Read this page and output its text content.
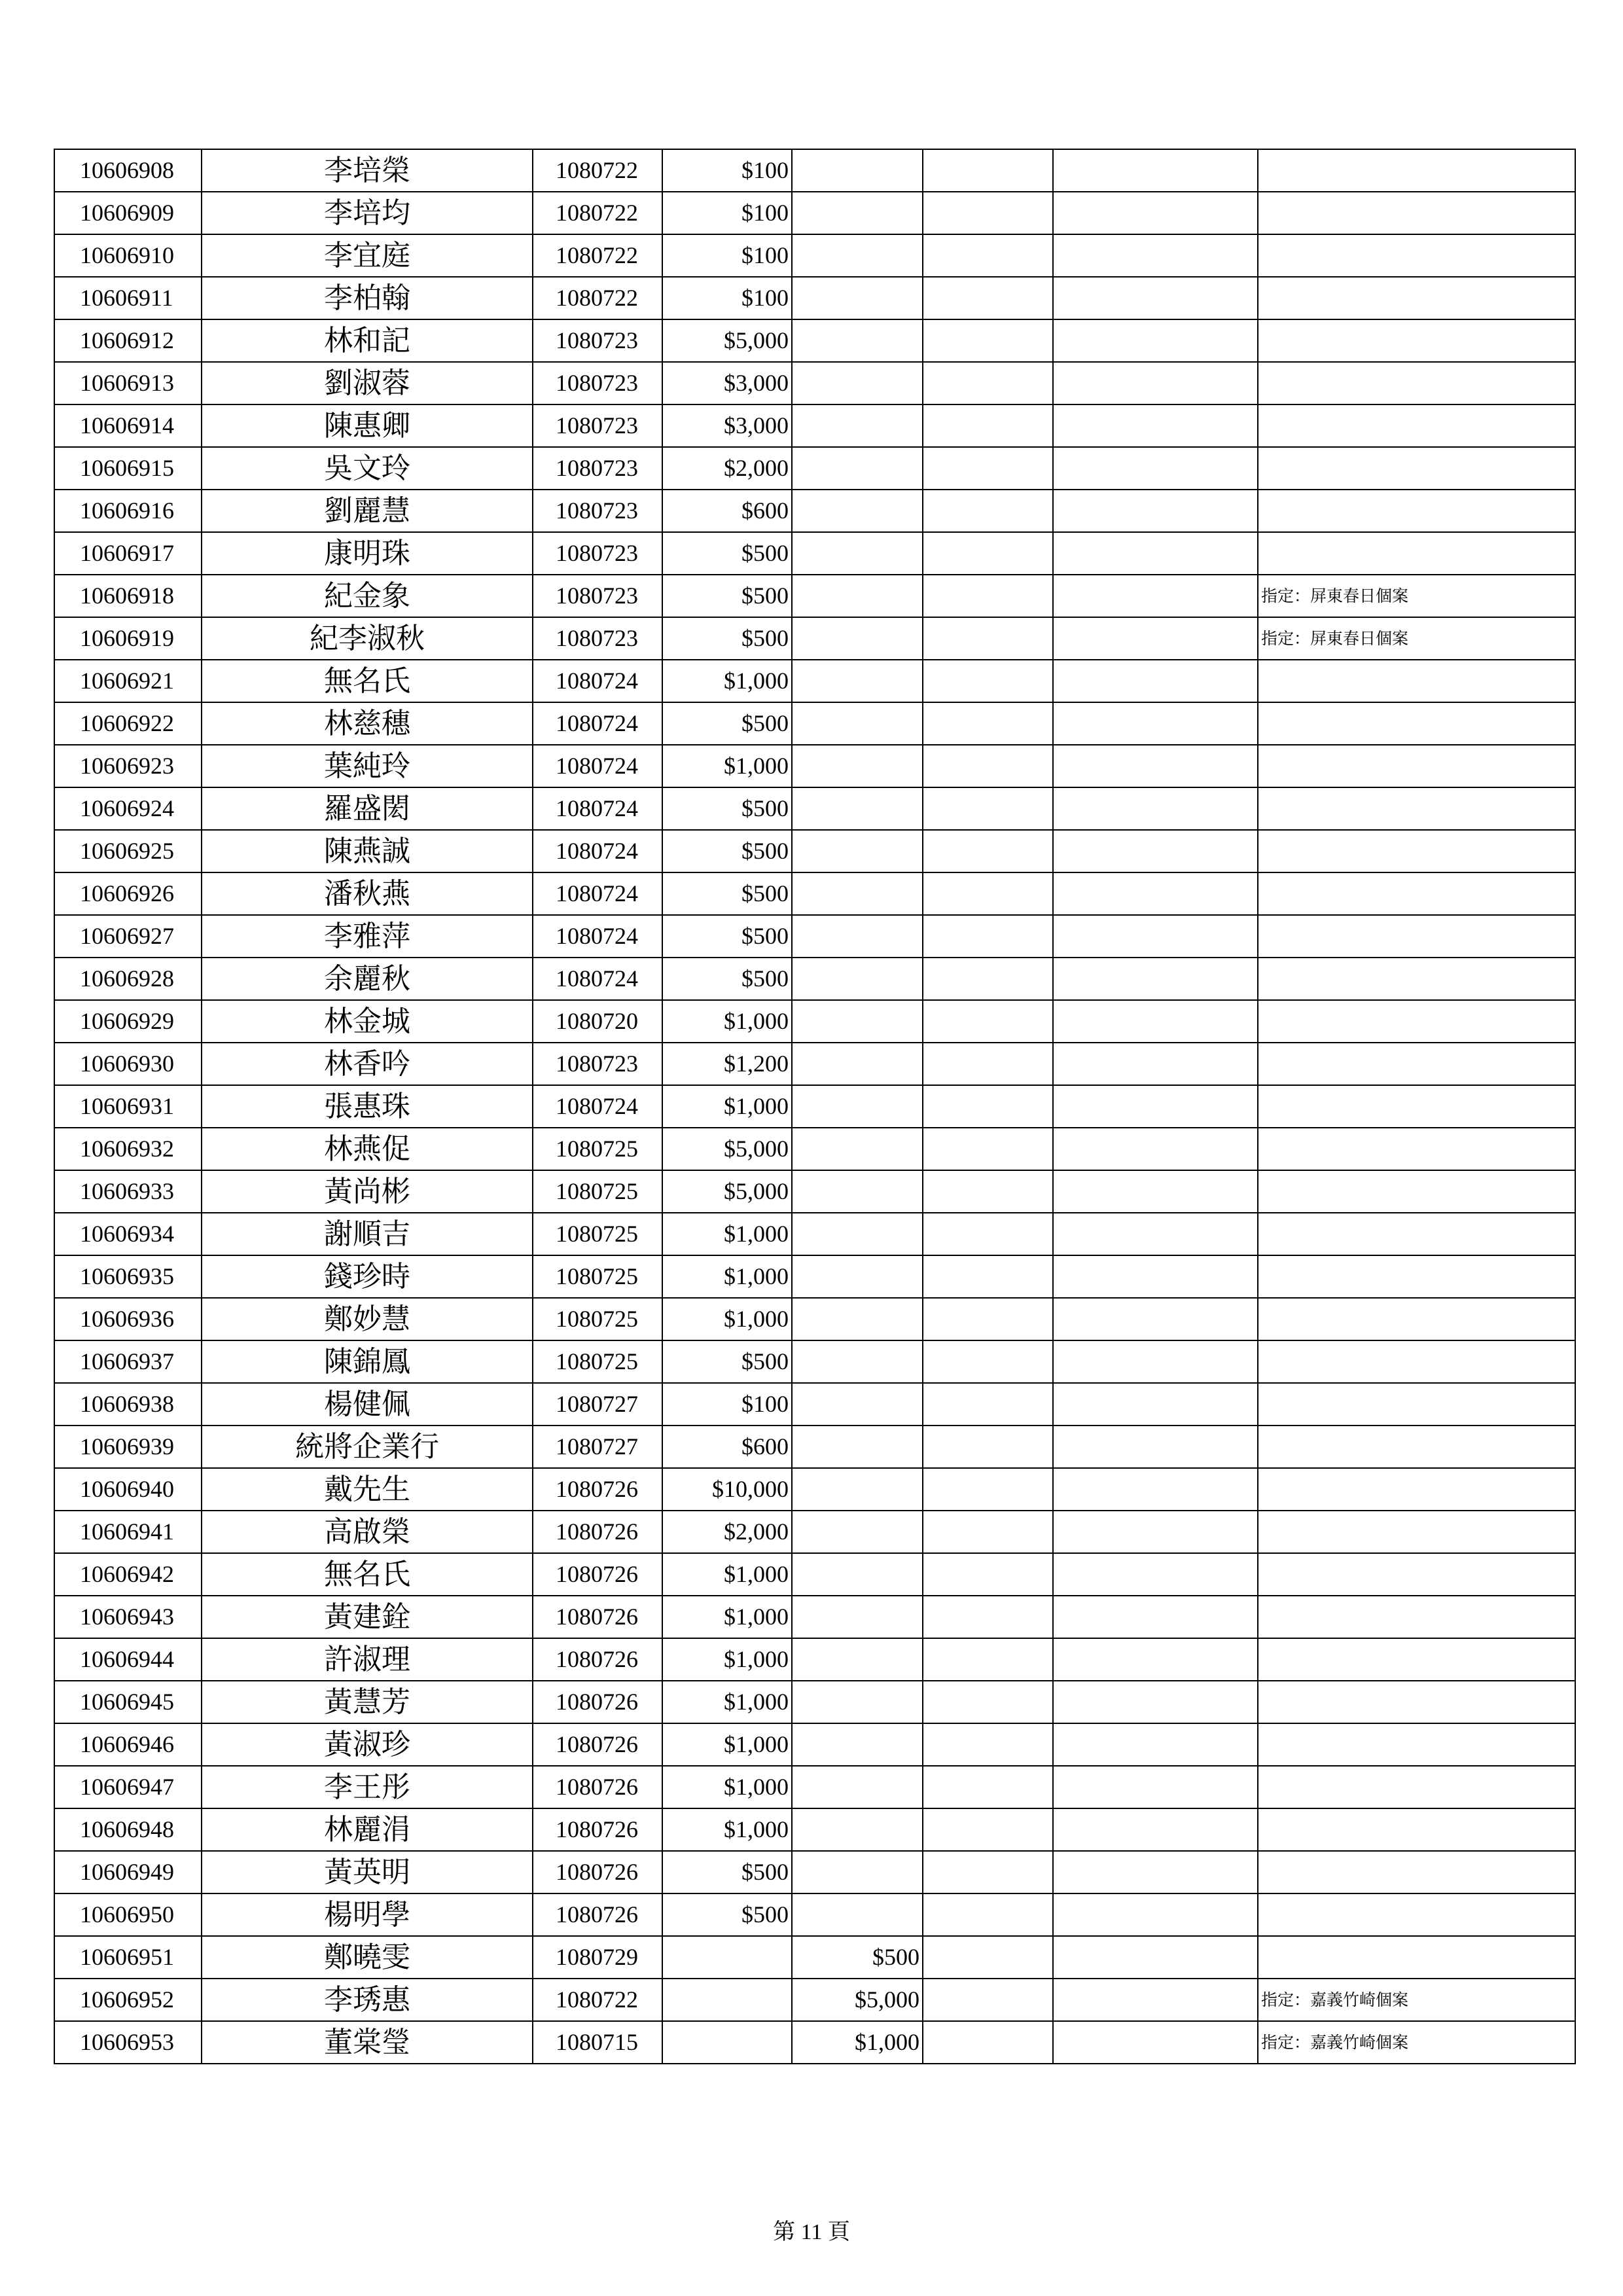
10606908	李培榮	1080722	$100				
10606909	李培均	1080722	$100				
10606910	李宜庭	1080722	$100				
10606911	李柏翰	1080722	$100				
10606912	林和記	1080723	$5,000				
10606913	劉淑蓉	1080723	$3,000				
10606914	陳惠卿	1080723	$3,000				
10606915	吳文玲	1080723	$2,000				
10606916	劉麗慧	1080723	$600				
10606917	康明珠	1080723	$500				
10606918	紀金象	1080723	$500				指定：屏東春日個案
10606919	紀李淑秋	1080723	$500				指定：屏東春日個案
10606921	無名氏	1080724	$1,000				
10606922	林慈穗	1080724	$500				
10606923	葉純玲	1080724	$1,000				
10606924	羅盛閎	1080724	$500				
10606925	陳燕誠	1080724	$500				
10606926	潘秋燕	1080724	$500				
10606927	李雅萍	1080724	$500				
10606928	余麗秋	1080724	$500				
10606929	林金城	1080720	$1,000				
10606930	林香吟	1080723	$1,200				
10606931	張惠珠	1080724	$1,000				
10606932	林燕促	1080725	$5,000				
10606933	黃尚彬	1080725	$5,000				
10606934	謝順吉	1080725	$1,000				
10606935	錢珍時	1080725	$1,000				
10606936	鄭妙慧	1080725	$1,000				
10606937	陳錦鳳	1080725	$500				
10606938	楊健佩	1080727	$100				
10606939	統將企業行	1080727	$600				
10606940	戴先生	1080726	$10,000				
10606941	高啟榮	1080726	$2,000				
10606942	無名氏	1080726	$1,000				
10606943	黃建銓	1080726	$1,000				
10606944	許淑理	1080726	$1,000				
10606945	黃慧芳	1080726	$1,000				
10606946	黃淑珍	1080726	$1,000				
10606947	李王彤	1080726	$1,000				
10606948	林麗涓	1080726	$1,000				
10606949	黃英明	1080726	$500				
10606950	楊明學	1080726	$500				
10606951	鄭曉雯	1080729		$500			
10606952	李琇惠	1080722		$5,000			指定：嘉義竹崎個案
10606953	董棠瑩	1080715		$1,000			指定：嘉義竹崎個案
第 11 頁
